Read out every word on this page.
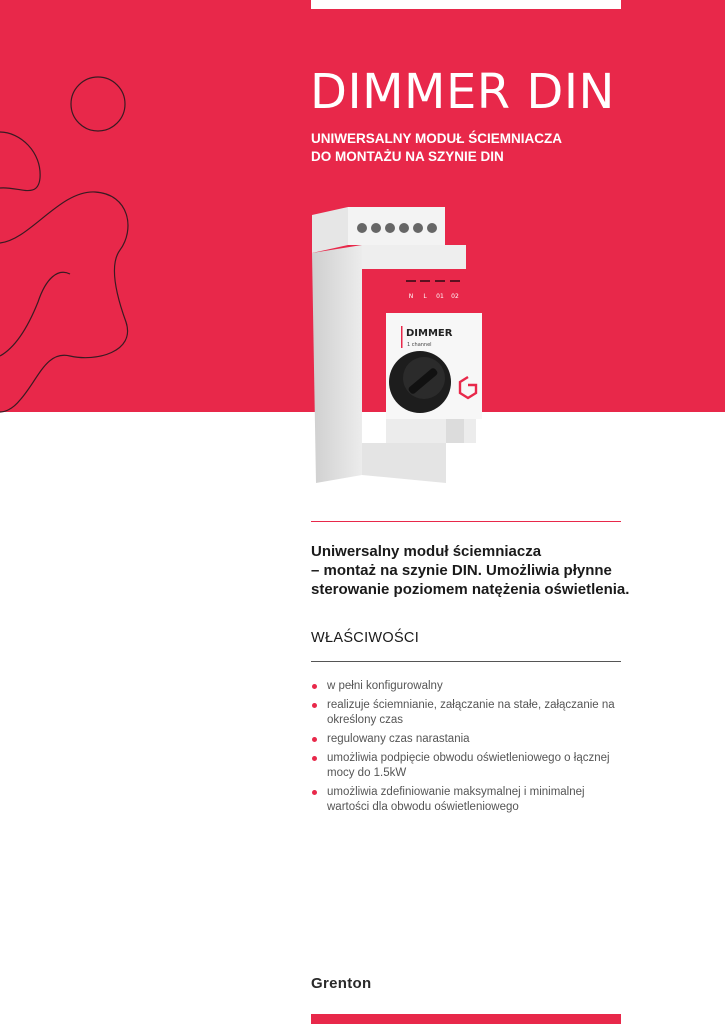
DIMMER DIN
UNIWERSALNY MODUŁ ŚCIEMNIACZA
DO MONTAŻU NA SZYNIE DIN
N L 01 02
DIMMER
1 channel
Uniwersalny moduł ściemniacza
– montaż na szynie DIN. Umożliwia płynne
sterowanie poziomem natężenia oświetlenia.
WŁAŚCIWOŚCI
w pełni konfigurowalny
realizuje ściemnianie, załączanie na stałe, załączanie na
określony czas
regulowany czas narastania
umożliwia podpięcie obwodu oświetleniowego o łącznej
mocy do 1.5kW
umożliwia zdefiniowanie maksymalnej i minimalnej
wartości dla obwodu oświetleniowego
Grenton
